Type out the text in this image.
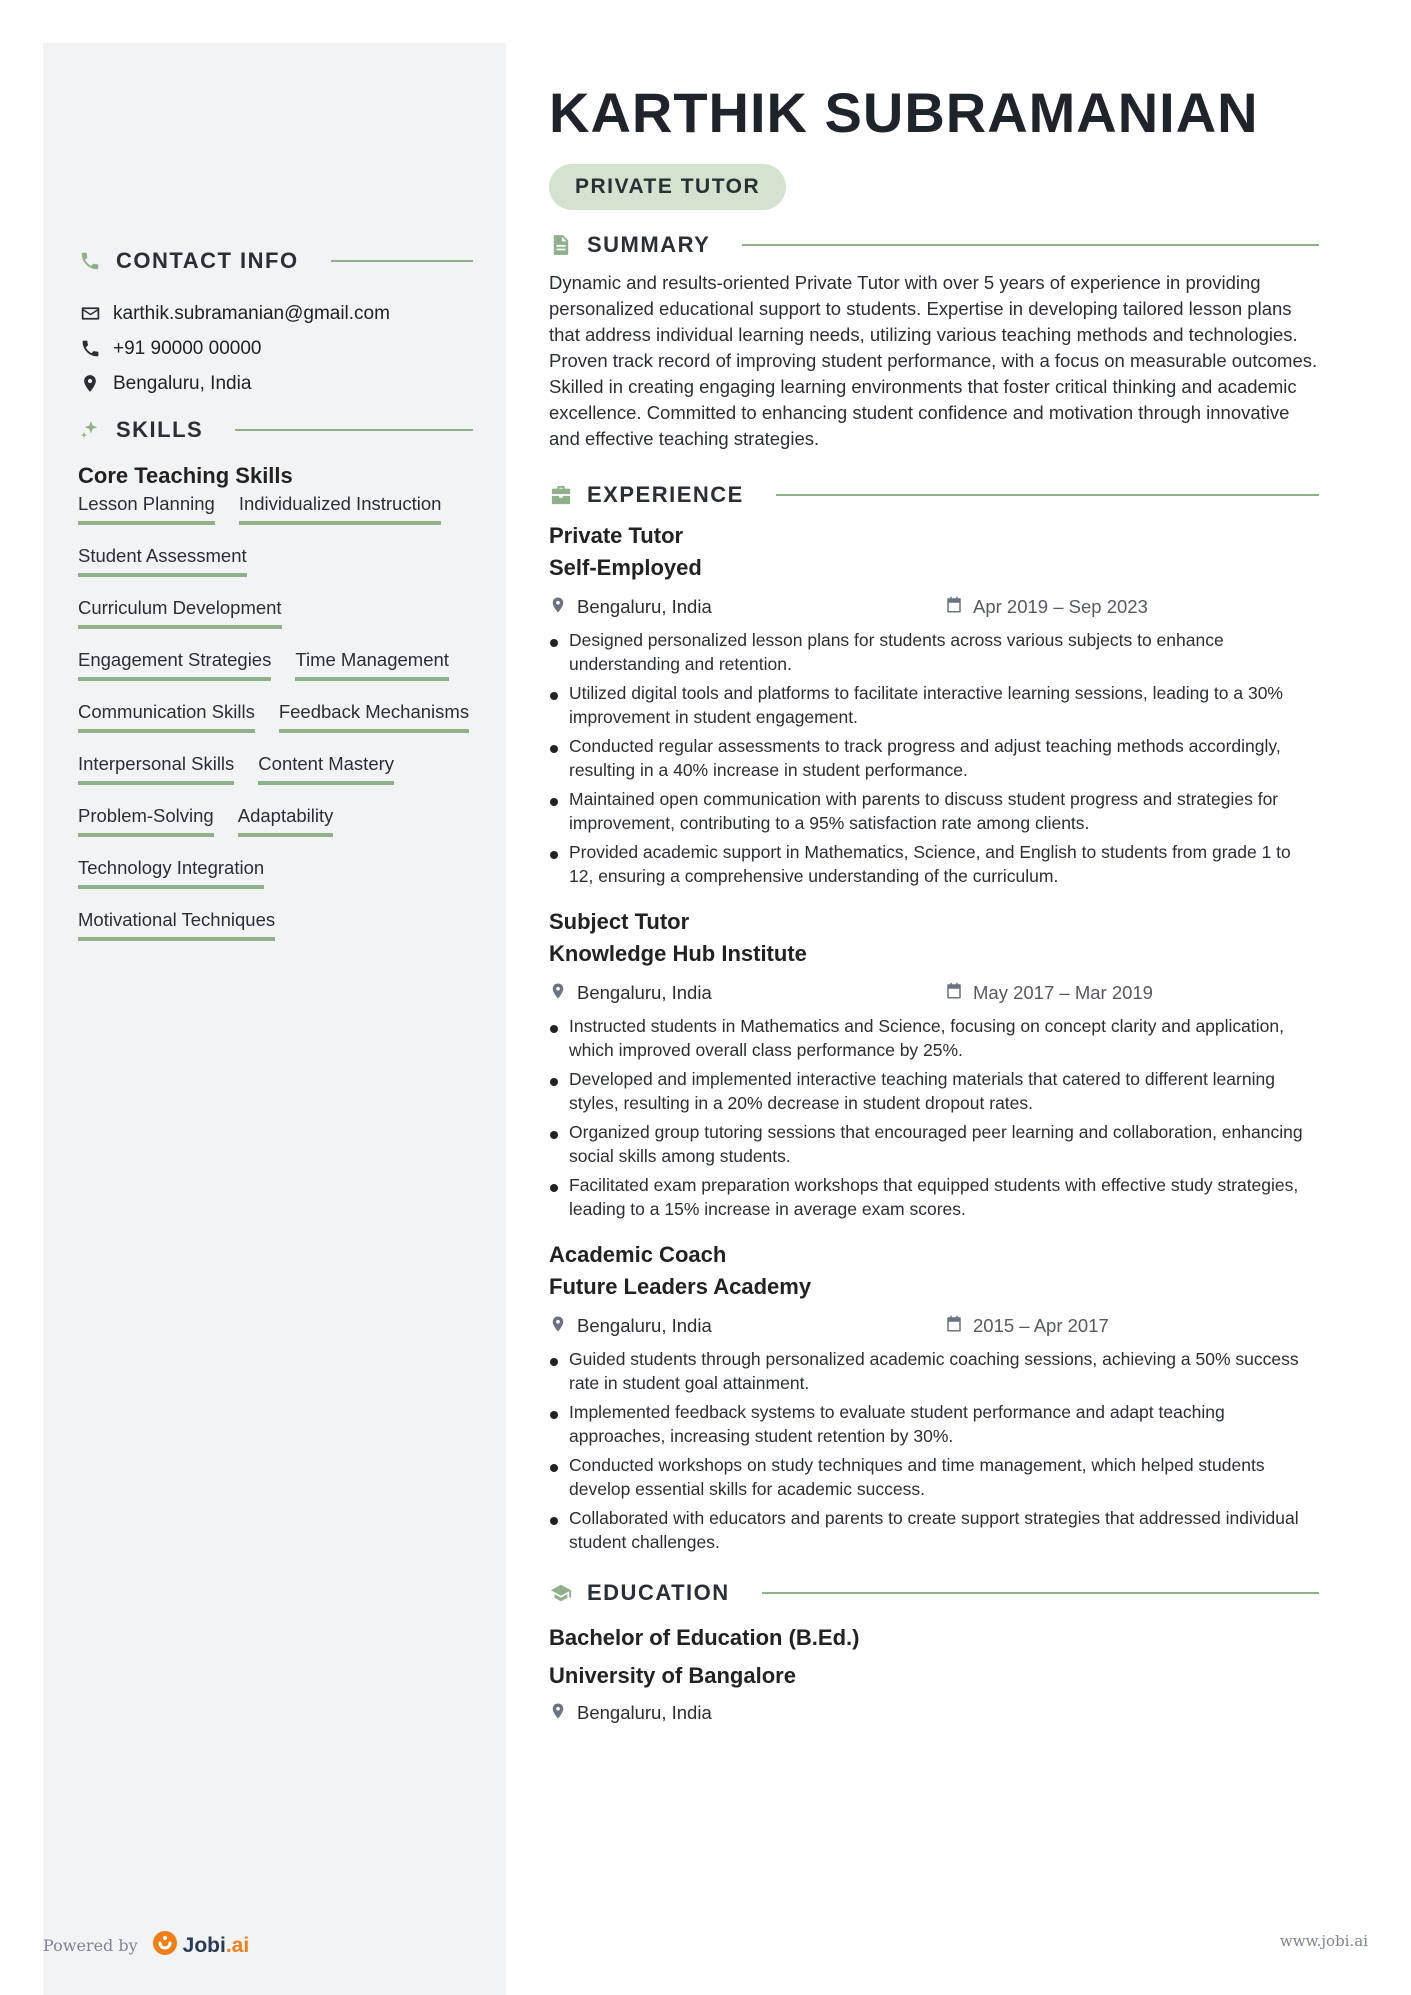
CONTACT INFO
karthik.subramanian@gmail.com
+91 90000 00000
Bengaluru, India
SKILLS
Core Teaching Skills
Lesson Planning Individualized Instruction
Student Assessment
Curriculum Development
Engagement Strategies Time Management
Communication Skills Feedback Mechanisms
Interpersonal Skills Content Mastery
Problem-Solving Adaptability
Technology Integration
Motivational Techniques
KARTHIK SUBRAMANIAN
PRIVATE TUTOR
SUMMARY
Dynamic and results-oriented Private Tutor with over 5 years of experience in providing personalized educational support to students. Expertise in developing tailored lesson plans that address individual learning needs, utilizing various teaching methods and technologies. Proven track record of improving student performance, with a focus on measurable outcomes. Skilled in creating engaging learning environments that foster critical thinking and academic excellence. Committed to enhancing student confidence and motivation through innovative and effective teaching strategies.
EXPERIENCE
Private Tutor
Self-Employed
Bengaluru, India	Apr 2019 – Sep 2023
Designed personalized lesson plans for students across various subjects to enhance understanding and retention.
Utilized digital tools and platforms to facilitate interactive learning sessions, leading to a 30% improvement in student engagement.
Conducted regular assessments to track progress and adjust teaching methods accordingly, resulting in a 40% increase in student performance.
Maintained open communication with parents to discuss student progress and strategies for improvement, contributing to a 95% satisfaction rate among clients.
Provided academic support in Mathematics, Science, and English to students from grade 1 to 12, ensuring a comprehensive understanding of the curriculum.
Subject Tutor
Knowledge Hub Institute
Bengaluru, India	May 2017 – Mar 2019
Instructed students in Mathematics and Science, focusing on concept clarity and application, which improved overall class performance by 25%.
Developed and implemented interactive teaching materials that catered to different learning styles, resulting in a 20% decrease in student dropout rates.
Organized group tutoring sessions that encouraged peer learning and collaboration, enhancing social skills among students.
Facilitated exam preparation workshops that equipped students with effective study strategies, leading to a 15% increase in average exam scores.
Academic Coach
Future Leaders Academy
Bengaluru, India	2015 – Apr 2017
Guided students through personalized academic coaching sessions, achieving a 50% success rate in student goal attainment.
Implemented feedback systems to evaluate student performance and adapt teaching approaches, increasing student retention by 30%.
Conducted workshops on study techniques and time management, which helped students develop essential skills for academic success.
Collaborated with educators and parents to create support strategies that addressed individual student challenges.
EDUCATION
Bachelor of Education (B.Ed.)
University of Bangalore
Bengaluru, India
Powered by Jobi.ai	www.jobi.ai
